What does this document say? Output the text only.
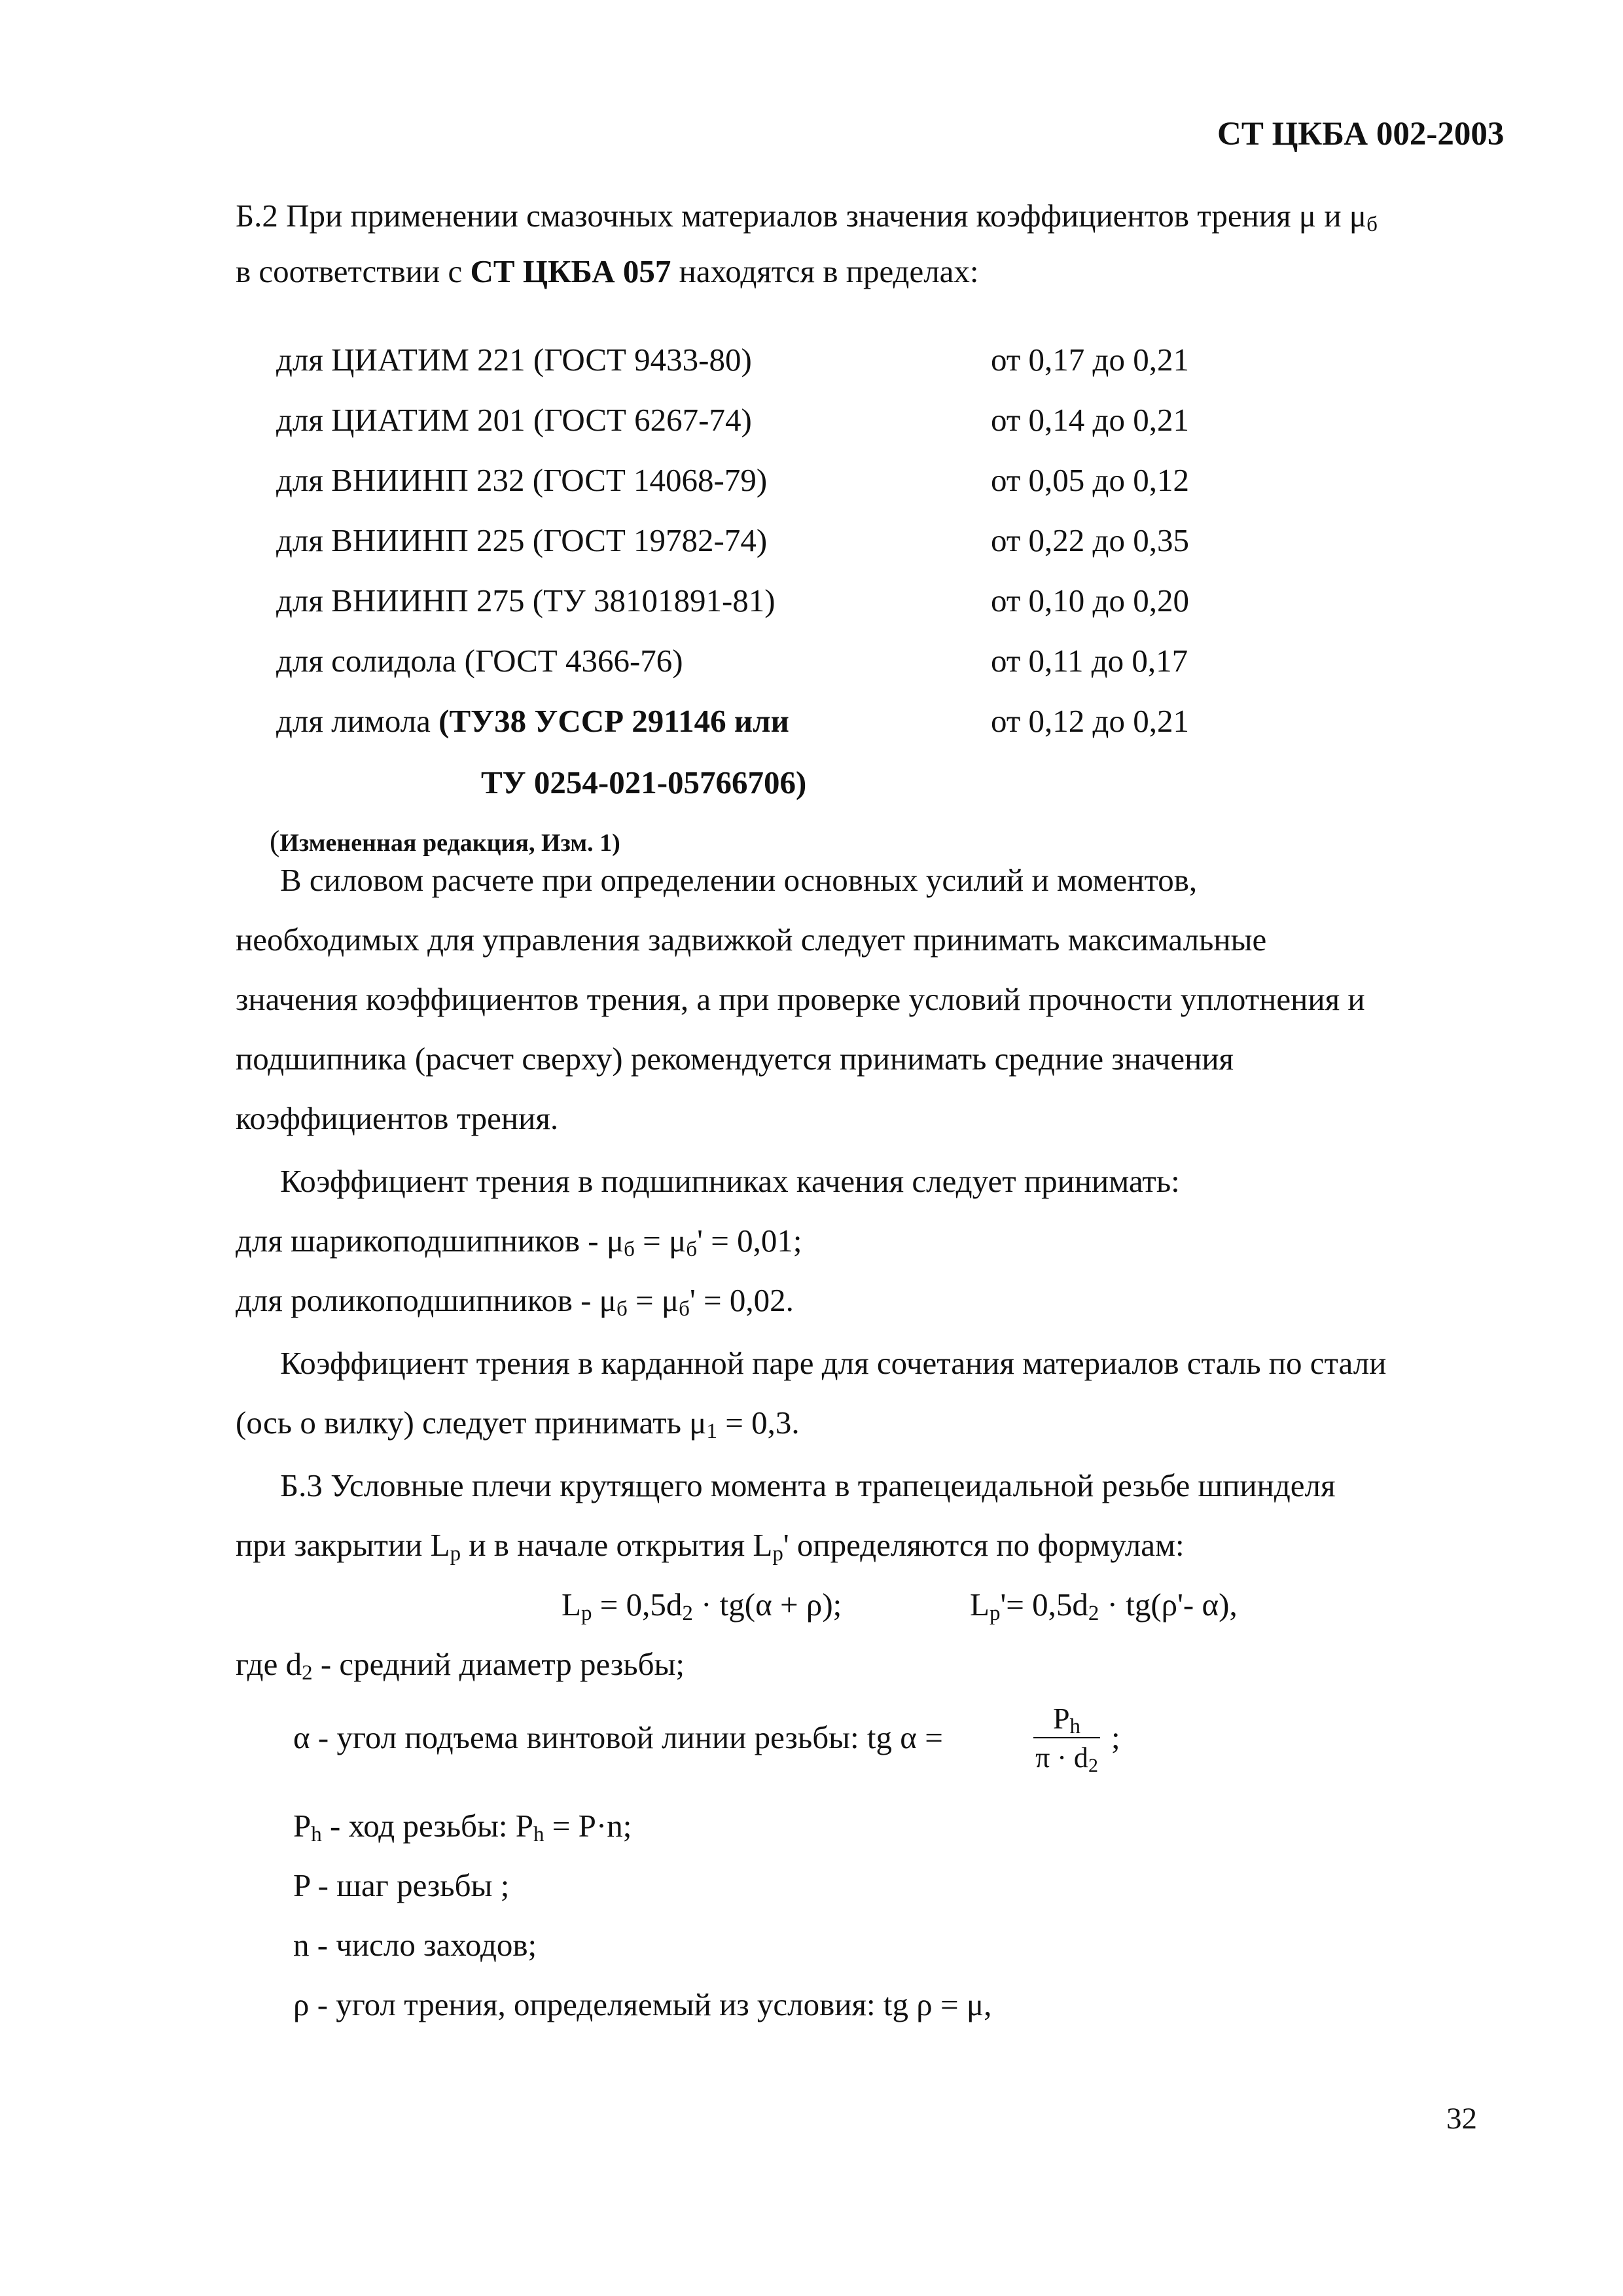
СТ ЦКБА 002-2003
Б.2 При применении смазочных материалов значения коэффициентов трения μ и $\mu_б$
в соответствии с СТ ЦКБА 057 находятся в пределах:
для ЦИАТИМ 221 (ГОСТ 9433-80)	от 0,17 до 0,21
для ЦИАТИМ 201 (ГОСТ 6267-74)	от 0,14 до 0,21
для ВНИИНП 232 (ГОСТ 14068-79)	от 0,05 до 0,12
для ВНИИНП 225 (ГОСТ 19782-74)	от 0,22 до 0,35
для ВНИИНП 275 (ТУ 38101891-81)	от 0,10 до 0,20
для солидола (ГОСТ 4366-76)	от 0,11 до 0,17
для лимола (ТУ38 УССР 291146 или	от 0,12 до 0,21
ТУ 0254-021-05766706)
(Измененная редакция, Изм. 1)
В силовом расчете при определении основных усилий и моментов,
необходимых для управления задвижкой следует принимать максимальные
значения коэффициентов трения, а при проверке условий прочности уплотнения и
подшипника (расчет сверху) рекомендуется принимать средние значения
коэффициентов трения.
Коэффициент трения в подшипниках качения следует принимать:
для шарикоподшипников - $\mu_б = \mu_б' = 0,01$;
для роликоподшипников - $\mu_б = \mu_б' = 0,02$.
Коэффициент трения в карданной паре для сочетания материалов сталь по стали
(ось о вилку) следует принимать $\mu_1 = 0,3$.
Б.3 Условные плечи крутящего момента в трапецеидальной резьбе шпинделя
при закрытии $L_p$ и в начале открытия $L_p'$ определяются по формулам:
$L_p = 0,5d_2 \cdot tg(\alpha + \rho)$;	$L_p'= 0,5d_2 \cdot tg(\rho'-$ α),
где $d_2$ - средний диаметр резьбы;
α - угол подъема винтовой линии резьбы: tg α =
$P_h$
$\pi \cdot d_2$
;
$P_h$ - ход резьбы: $P_h = P\cdot n$;
P - шаг резьбы ;
n - число заходов;
ρ - угол трения, определяемый из условия: tg ρ = μ,
32
